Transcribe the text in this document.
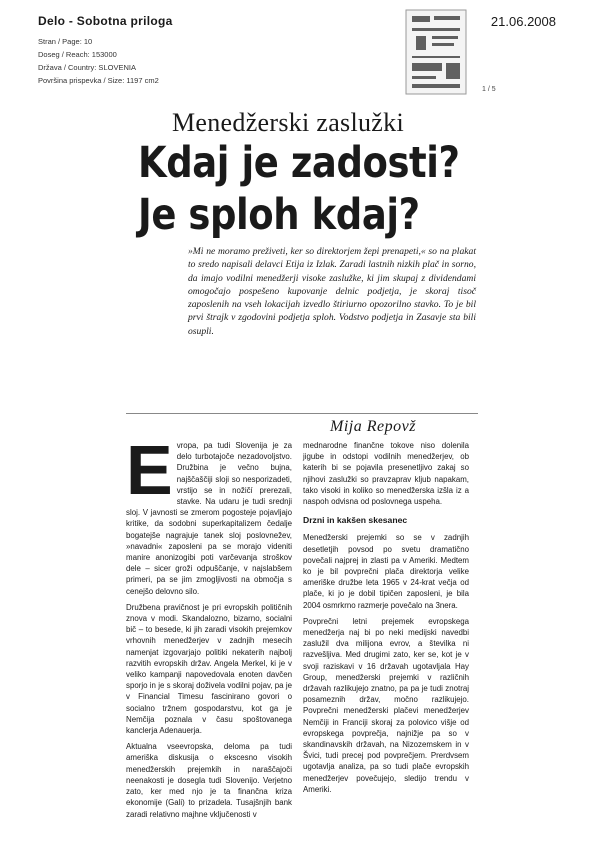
Delo - Sobotna priloga	21.06.2008
Stran / Page: 10
Doseg / Reach: 153000
Država / Country: SLOVENIA
Površina prispevka / Size: 1197 cm2
1 / 5
Menedžerski zaslužki
Kdaj je zadosti?
Je sploh kdaj?
»Mi ne moramo preživeti, ker so direktorjem žepi prenapeti,« so na plakat to sredo napisali delavci Etija iz Izlak. Zaradi lastnih nizkih plač in sorno, da imajo vodilni menedžerji visoke zaslužke, ki jim skupaj z dividendami omogočajo pospešeno kupovanje delnic podjetja, je skoraj tisoč zaposlenih na vseh lokacijah izvedlo štiriurno opozorilno stavko. To je bil prvi štrajk v zgodovini podjetja sploh. Vodstvo podjetja in Zasavje sta bili osupli.
Mija Repovž
E vropa, pa tudi Slovenija je za delo turbotajoče nezadovoljstvo. Družbina je večno bujna, najščaščiji sloji so nesporizadeti, vrstijo se in nožičí prerezali, stavke. Na udaru je tudi srednji sloj. V javnosti se zmerom pogosteje pojavljajo kritike, da sodobni superkapitalizem čedalje bogatejše nagrajuje tanek sloj poslovnežev, »navadni« zaposleni pa se morajo videniti manire anonizogibi poti varčevanja stroškov dele – sicer groži odpuščanje, v najslabšem primeri, pa se jim zmogljivosti na območja s cenejšo delovno silo.

Družbena pravičnost je pri evropskih političnih znova v modi. Skandalozno, bizarno, socialni bič – to besede, ki jih zaradi visokih prejemkov vrhovnih menedžerjev v zadnjih mesecih namenjat izgovarjajo politiki nekaterih najbolj razvitih evropskih držav. Angela Merkel, ki je v veliko kampanji napovedovala enoten davčen sporjo in je s skoraj doživela vodilni pojav, pa je v Financial Timesu fascinirano govori o socialno tržnem gospodarstvu, kot ga je Nemčija poznala v času spoštovanega kanclerja Adenauerja.

Aktualna vseevropska, deloma pa tudi ameriška diskusija o ekscesno visokih menedžerskih prejemkih in naraščajoči neenakosti je dosegla tudi Slovenijo. Verjetno zato, ker med njo je ta finančna kriza ekonomije (Gali) to prizadela. Tusajšnjih bank zaradi relativno majhne vključenosti v

mednarodne finančne tokove niso dolenila jigube in odstopi vodilnih menedžerjev, ob katerih bi se pojavila presenetljivo zakaj so njihovi zaslužki so pravzaprav kljub napakam, tako visoki in koliko so menedžerska izšla iz a naspoh odvisna od poslovnega uspeha.

Drzni in kakšen skesanec

Menedžerski prejemki so se v zadnjih desetletjih povsod po svetu dramatično povečali najprej in zlasti pa v Ameriki. Medtem ko je bil povprečni plača direktorja velike ameriške družbe leta 1965 v 24-krat večja od plače, ki jo je dobil tipičen zaposleni, je bila 2004 osmrkrno razmerje povečalo na 3nera.

Povprečni letni prejemek evropskega menedžerja naj bi po neki medijski navedbi zaslužil dva milijona evrov, a številka ni razvešljiva. Med drugimi zato, ker se, kot je v svoji raziskavi v 16 državah ugotavljala Hay Group, menedžerski prejemki v različnih državah razlikujejo znatno, pa pa je tudi znotraj posameznih držav, močno razlikujejo. Povprečni menedžerski plačevi menedžerjev Nemčiji in Franciji skoraj za polovico višje od evropskega povprečja, najnižje pa so v skandinavskih državah, na Nizozemskem in v Švici, tudi precej pod povprečjem. Prerdvsem ugotavlja analiza, pa so tudi plače evropskih menedžerjev povečujejo, sledijo trendu v Ameriki.
